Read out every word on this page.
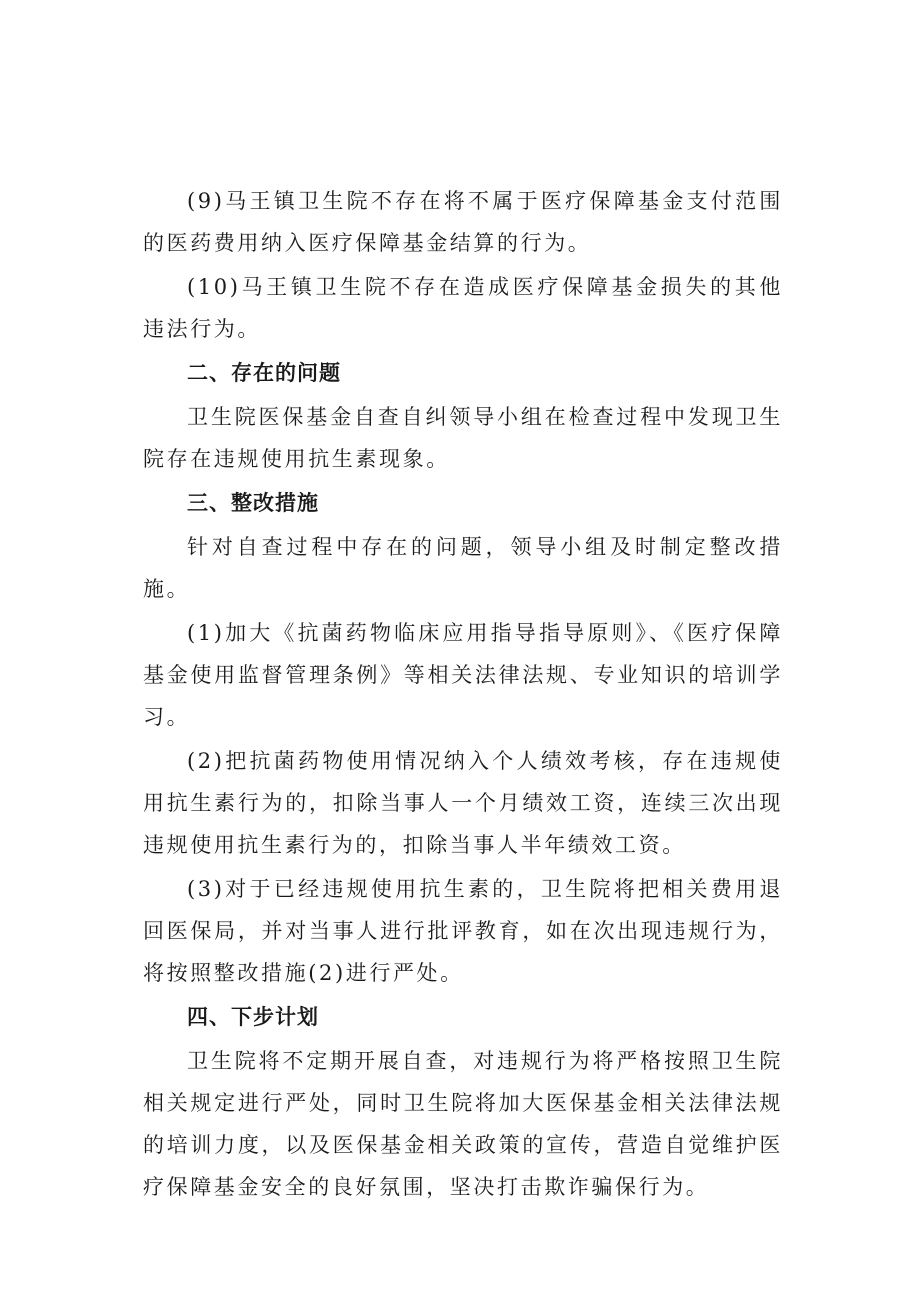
(9)马王镇卫生院不存在将不属于医疗保障基金支付范围的医药费用纳入医疗保障基金结算的行为。

(10)马王镇卫生院不存在造成医疗保障基金损失的其他违法行为。

二、存在的问题

卫生院医保基金自查自纠领导小组在检查过程中发现卫生院存在违规使用抗生素现象。

三、整改措施

针对自查过程中存在的问题，领导小组及时制定整改措施。

(1)加大《抗菌药物临床应用指导指导原则》、《医疗保障基金使用监督管理条例》等相关法律法规、专业知识的培训学习。

(2)把抗菌药物使用情况纳入个人绩效考核，存在违规使用抗生素行为的，扣除当事人一个月绩效工资，连续三次出现违规使用抗生素行为的，扣除当事人半年绩效工资。

(3)对于已经违规使用抗生素的，卫生院将把相关费用退回医保局，并对当事人进行批评教育，如在次出现违规行为，将按照整改措施(2)进行严处。

四、下步计划

卫生院将不定期开展自查，对违规行为将严格按照卫生院相关规定进行严处，同时卫生院将加大医保基金相关法律法规的培训力度，以及医保基金相关政策的宣传，营造自觉维护医疗保障基金安全的良好氛围，坚决打击欺诈骗保行为。
